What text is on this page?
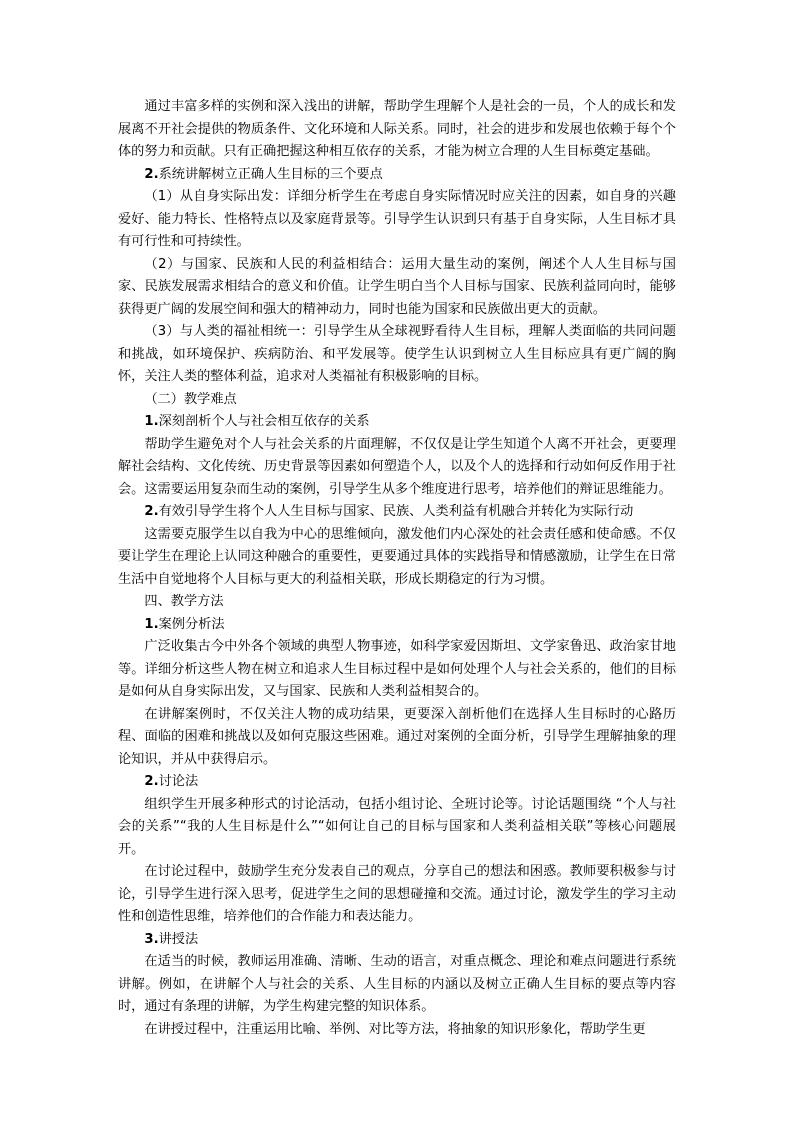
通过丰富多样的实例和深入浅出的讲解，帮助学生理解个人是社会的一员，个人的成长和发展离不开社会提供的物质条件、文化环境和人际关系。同时，社会的进步和发展也依赖于每个个体的努力和贡献。只有正确把握这种相互依存的关系，才能为树立合理的人生目标奠定基础。

2.系统讲解树立正确人生目标的三个要点

（1）从自身实际出发：详细分析学生在考虑自身实际情况时应关注的因素，如自身的兴趣爱好、能力特长、性格特点以及家庭背景等。引导学生认识到只有基于自身实际，人生目标才具有可行性和可持续性。

（2）与国家、民族和人民的利益相结合：运用大量生动的案例，阐述个人人生目标与国家、民族发展需求相结合的意义和价值。让学生明白当个人目标与国家、民族利益同向时，能够获得更广阔的发展空间和强大的精神动力，同时也能为国家和民族做出更大的贡献。

（3）与人类的福祉相统一：引导学生从全球视野看待人生目标，理解人类面临的共同问题和挑战，如环境保护、疾病防治、和平发展等。使学生认识到树立人生目标应具有更广阔的胸怀，关注人类的整体利益，追求对人类福祉有积极影响的目标。

（二）教学难点

1.深刻剖析个人与社会相互依存的关系

帮助学生避免对个人与社会关系的片面理解，不仅仅是让学生知道个人离不开社会，更要理解社会结构、文化传统、历史背景等因素如何塑造个人，以及个人的选择和行动如何反作用于社会。这需要运用复杂而生动的案例，引导学生从多个维度进行思考，培养他们的辩证思维能力。

2.有效引导学生将个人人生目标与国家、民族、人类利益有机融合并转化为实际行动

这需要克服学生以自我为中心的思维倾向，激发他们内心深处的社会责任感和使命感。不仅要让学生在理论上认同这种融合的重要性，更要通过具体的实践指导和情感激励，让学生在日常生活中自觉地将个人目标与更大的利益相关联，形成长期稳定的行为习惯。

四、教学方法

1.案例分析法

广泛收集古今中外各个领域的典型人物事迹，如科学家爱因斯坦、文学家鲁迅、政治家甘地等。详细分析这些人物在树立和追求人生目标过程中是如何处理个人与社会关系的，他们的目标是如何从自身实际出发，又与国家、民族和人类利益相契合的。

在讲解案例时，不仅关注人物的成功结果，更要深入剖析他们在选择人生目标时的心路历程、面临的困难和挑战以及如何克服这些困难。通过对案例的全面分析，引导学生理解抽象的理论知识，并从中获得启示。

2.讨论法

组织学生开展多种形式的讨论活动，包括小组讨论、全班讨论等。讨论话题围绕 “个人与社会的关系”“我的人生目标是什么”“如何让自己的目标与国家和人类利益相关联”等核心问题展开。

在讨论过程中，鼓励学生充分发表自己的观点，分享自己的想法和困惑。教师要积极参与讨论，引导学生进行深入思考，促进学生之间的思想碰撞和交流。通过讨论，激发学生的学习主动性和创造性思维，培养他们的合作能力和表达能力。

3.讲授法

在适当的时候，教师运用准确、清晰、生动的语言，对重点概念、理论和难点问题进行系统讲解。例如，在讲解个人与社会的关系、人生目标的内涵以及树立正确人生目标的要点等内容时，通过有条理的讲解，为学生构建完整的知识体系。

在讲授过程中，注重运用比喻、举例、对比等方法，将抽象的知识形象化，帮助学生更
